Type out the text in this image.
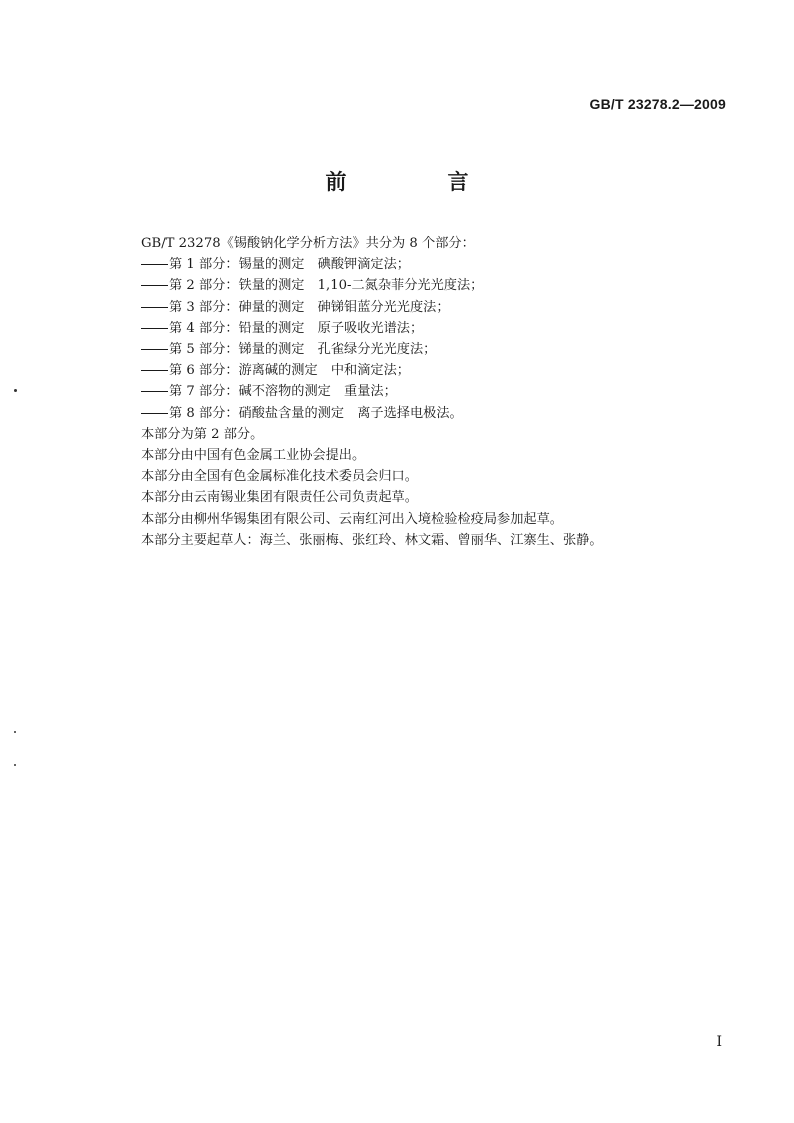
GB/T 23278.2—2009
前　言
GB/T 23278《锡酸钠化学分析方法》共分为 8 个部分：
第 1 部分：锡量的测定　碘酸钾滴定法；
第 2 部分：铁量的测定　1,10-二氮杂菲分光光度法；
第 3 部分：砷量的测定　砷锑钼蓝分光光度法；
第 4 部分：铅量的测定　原子吸收光谱法；
第 5 部分：锑量的测定　孔雀绿分光光度法；
第 6 部分：游离碱的测定　中和滴定法；
第 7 部分：碱不溶物的测定　重量法；
第 8 部分：硝酸盐含量的测定　离子选择电极法。
本部分为第 2 部分。
本部分由中国有色金属工业协会提出。
本部分由全国有色金属标准化技术委员会归口。
本部分由云南锡业集团有限责任公司负责起草。
本部分由柳州华锡集团有限公司、云南红河出入境检验检疫局参加起草。
本部分主要起草人：海兰、张丽梅、张红玲、林文霜、曾丽华、江寨生、张静。
I
